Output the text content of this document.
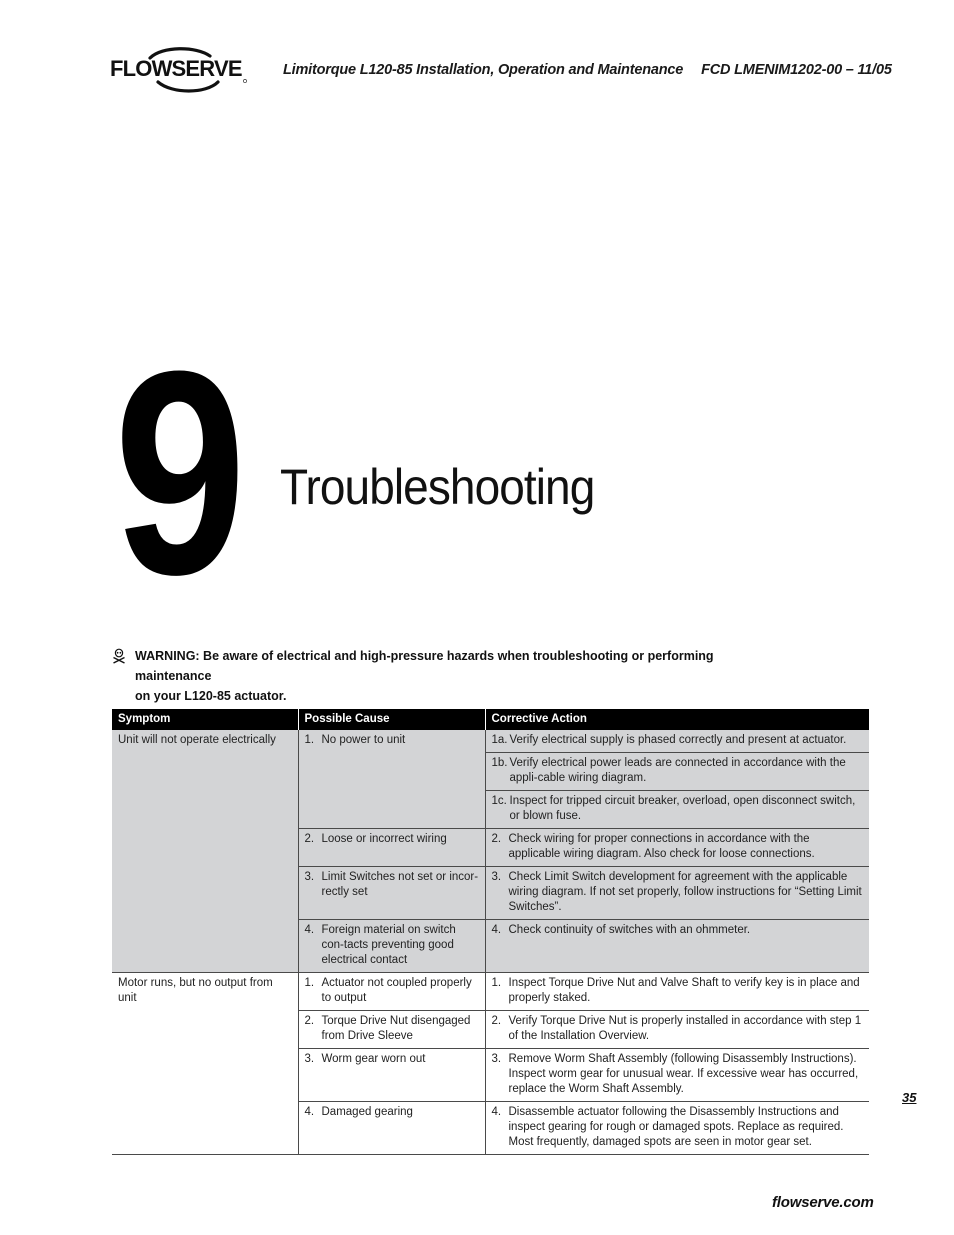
FLOWSERVE	Limitorque L120-85 Installation, Operation and Maintenance FCD LMENIM1202-00 – 11/05
9 Troubleshooting
WARNING: Be aware of electrical and high-pressure hazards when troubleshooting or performing maintenance
on your L120-85 actuator.
Symptom	Possible Cause	Corrective Action
Unit will not operate electrically	1. No power to unit	1a. Verify electrical supply is phased correctly and present at actuator.

		1b. Verify electrical power leads are connected in accordance with the appli-cable wiring diagram.

		1c. Inspect for tripped circuit breaker, overload, open disconnect switch, or blown fuse.

	2. Loose or incorrect wiring	2. Check wiring for proper connections in accordance with the applicable wiring diagram. Also check for loose connections.

	3. Limit Switches not set or incor-rectly set	3. Check Limit Switch development for agreement with the applicable wiring diagram. If not set properly, follow instructions for “Setting Limit Switches”.

	4. Foreign material on switch con-tacts preventing good electrical contact	4. Check continuity of switches with an ohmmeter.

Motor runs, but no output from unit	1. Actuator not coupled properly to output	1. Inspect Torque Drive Nut and Valve Shaft to verify key is in place and properly staked.

	2. Torque Drive Nut disengaged from Drive Sleeve	2. Verify Torque Drive Nut is properly installed in accordance with step 1 of the Installation Overview.

	3. Worm gear worn out	3. Remove Worm Shaft Assembly (following Disassembly Instructions). Inspect worm gear for unusual wear. If excessive wear has occurred, replace the Worm Shaft Assembly.

	4. Damaged gearing	4. Disassemble actuator following the Disassembly Instructions and inspect gearing for rough or damaged spots. Replace as required. Most frequently, damaged spots are seen in motor gear set.
35
flowserve.com
